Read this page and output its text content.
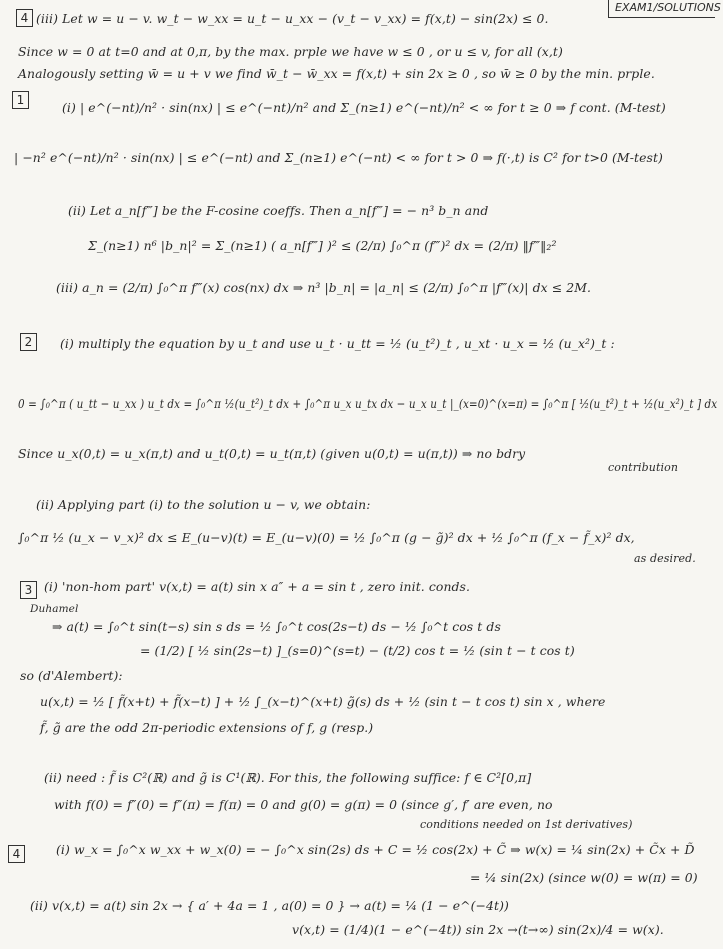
EXAM1/SOLUTIONS
4 (iii) Let w = u − v. w_t − w_xx = u_t − u_xx − (v_t − v_xx) = f(x,t) − sin(2x) ≤ 0.
Since w = 0 at t=0 and at 0,π, by the max. prple we have w ≤ 0 , or u ≤ v, for all (x,t)
Analogously setting w̄ = u + v we find w̄_t − w̄_xx = f(x,t) + sin 2x ≥ 0 , so w̄ ≥ 0 by the min. prple.
1	(i) | e^(−nt)/n² · sin(nx) | ≤ e^(−nt)/n² and Σ_(n≥1) e^(−nt)/n² < ∞ for t ≥ 0 ⇒ f cont. (M-test)
| −n² e^(−nt)/n² · sin(nx) | ≤ e^(−nt) and Σ_(n≥1) e^(−nt) < ∞ for t > 0 ⇒ f(·,t) is C² for t>0 (M-test)
(ii) Let a_n[f‴] be the F-cosine coeffs. Then a_n[f‴] = − n³ b_n and
Σ_(n≥1) n⁶ |b_n|² = Σ_(n≥1) ( a_n[f‴] )² ≤ (2/π) ∫₀^π (f‴)² dx = (2/π) ‖f‴‖₂²
(iii) a_n = (2/π) ∫₀^π f‴(x) cos(nx) dx ⇒ n³ |b_n| = |a_n| ≤ (2/π) ∫₀^π |f‴(x)| dx ≤ 2M.
2	(i) multiply the equation by u_t and use u_t · u_tt = ½ (u_t²)_t , u_xt · u_x = ½ (u_x²)_t :
0 = ∫₀^π ( u_tt − u_xx ) u_t dx = ∫₀^π ½(u_t²)_t dx + ∫₀^π u_x u_tx dx − u_x u_t |_(x=0)^(x=π) = ∫₀^π [ ½(u_t²)_t + ½(u_x²)_t ] dx
Since u_x(0,t) = u_x(π,t) and u_t(0,t) = u_t(π,t) (given u(0,t) = u(π,t)) ⇒ no bdry
contribution
(ii) Applying part (i) to the solution u − v, we obtain:
∫₀^π ½ (u_x − v_x)² dx ≤ E_(u−v)(t) = E_(u−v)(0) = ½ ∫₀^π (g − g̃)² dx + ½ ∫₀^π (f_x − f̃_x)² dx,
as desired.
3 (i) 'non-hom part' v(x,t) = a(t) sin x a″ + a = sin t , zero init. conds.
Duhamel
⇒ a(t) = ∫₀^t sin(t−s) sin s ds = ½ ∫₀^t cos(2s−t) ds − ½ ∫₀^t cos t ds
= (1/2) [ ½ sin(2s−t) ]_(s=0)^(s=t) − (t/2) cos t = ½ (sin t − t cos t)
so (d'Alembert):
u(x,t) = ½ [ f̃(x+t) + f̃(x−t) ] + ½ ∫_(x−t)^(x+t) g̃(s) ds + ½ (sin t − t cos t) sin x , where
f̃, g̃ are the odd 2π-periodic extensions of f, g (resp.)
(ii) need : f̃ is C²(ℝ) and g̃ is C¹(ℝ). For this, the following suffice: f ∈ C²[0,π]
with f(0) = f″(0) = f″(π) = f(π) = 0 and g(0) = g(π) = 0 (since g′, f′ are even, no
conditions needed on 1st derivatives)
4	(i) w_x = ∫₀^x w_xx + w_x(0) = − ∫₀^x sin(2s) ds + C = ½ cos(2x) + C̃ ⇒ w(x) = ¼ sin(2x) + C̃x + D̃
= ¼ sin(2x) (since w(0) = w(π) = 0)
(ii) v(x,t) = a(t) sin 2x → { a′ + 4a = 1 , a(0) = 0 } → a(t) = ¼ (1 − e^(−4t))
v(x,t) = (1/4)(1 − e^(−4t)) sin 2x →(t→∞) sin(2x)/4 = w(x).
